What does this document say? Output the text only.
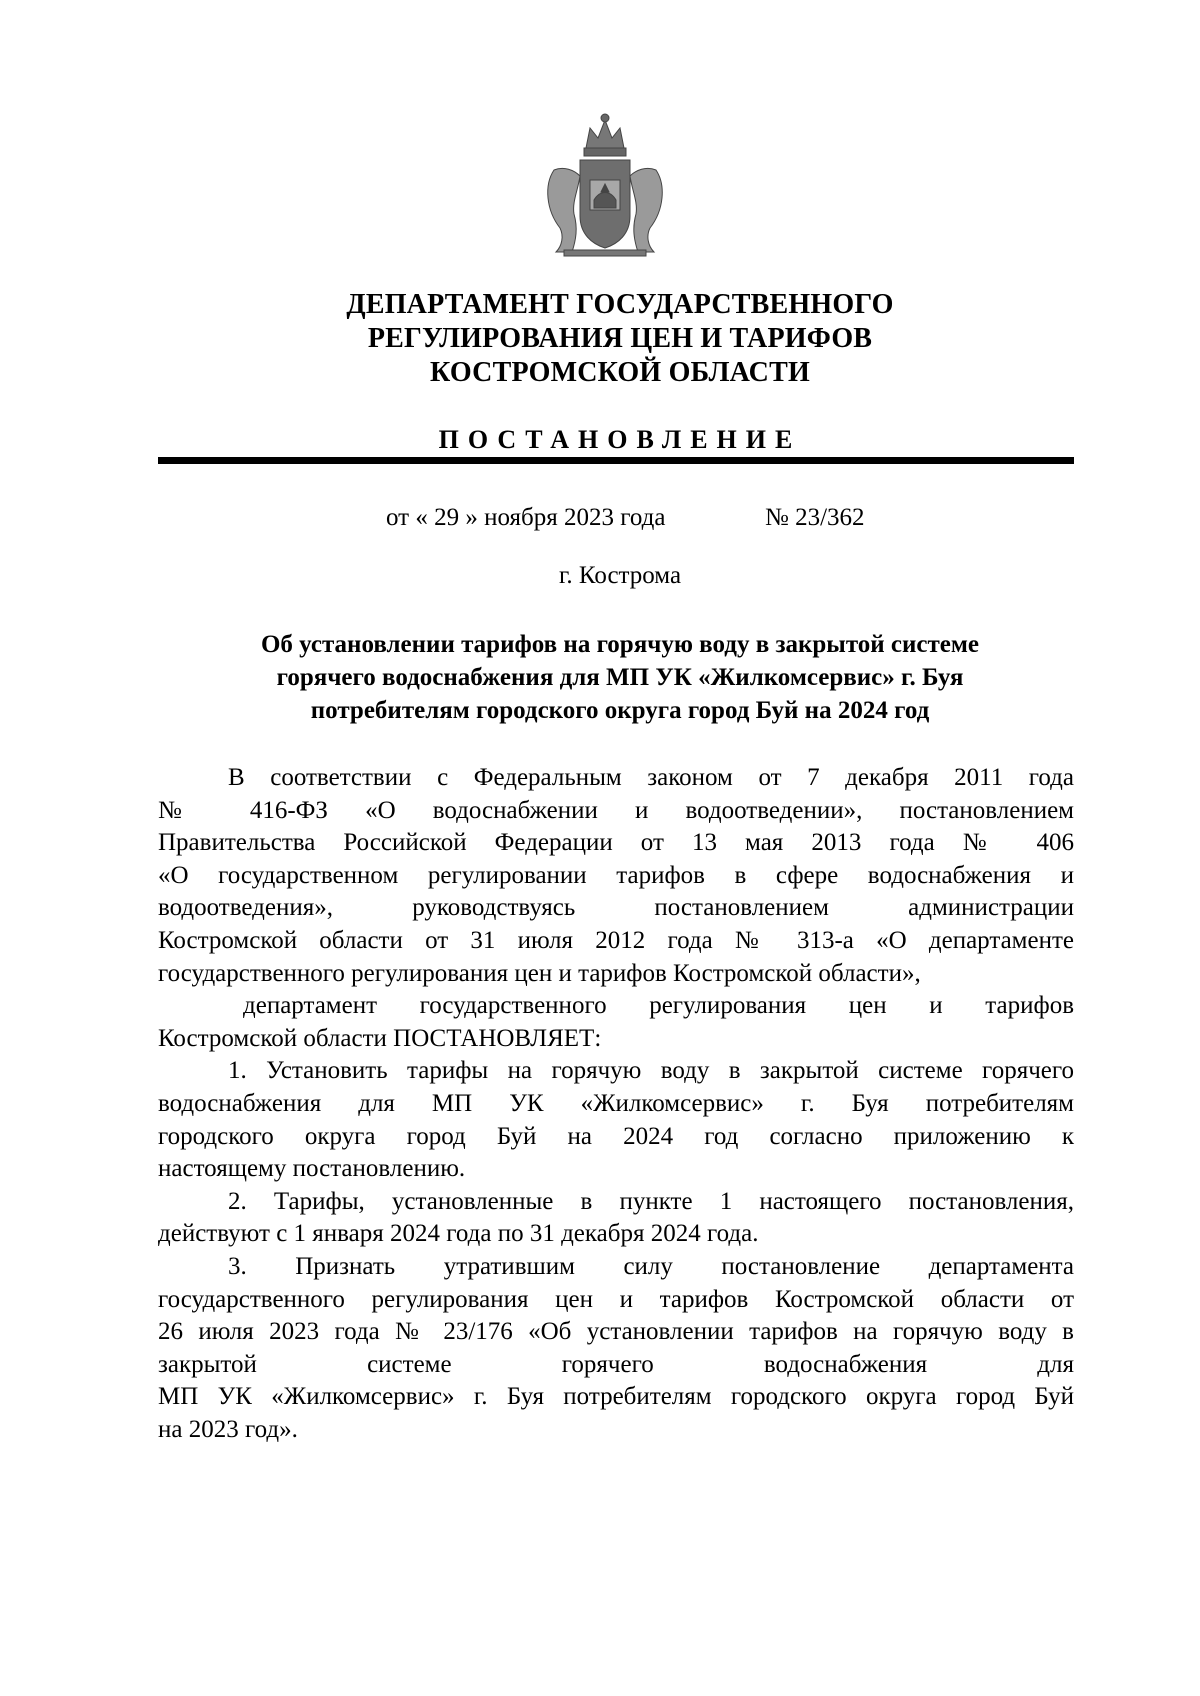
ДЕПАРТАМЕНТ ГОСУДАРСТВЕННОГО
РЕГУЛИРОВАНИЯ ЦЕН И ТАРИФОВ
КОСТРОМСКОЙ ОБЛАСТИ
ПОСТАНОВЛЕНИЕ
от « 29 » ноября 2023 года	№ 23/362
г. Кострома
Об установлении тарифов на горячую воду в закрытой системе
горячего водоснабжения для МП УК «Жилкомсервис» г. Буя
потребителям городского округа город Буй на 2024 год
В соответствии с Федеральным законом от 7 декабря 2011 года
№ 416-ФЗ «О водоснабжении и водоотведении», постановлением
Правительства Российской Федерации от 13 мая 2013 года № 406
«О государственном регулировании тарифов в сфере водоснабжения и
водоотведения», руководствуясь постановлением администрации
Костромской области от 31 июля 2012 года № 313-а «О департаменте
государственного регулирования цен и тарифов Костромской области»,
департамент государственного регулирования цен и тарифов
Костромской области ПОСТАНОВЛЯЕТ:
1. Установить тарифы на горячую воду в закрытой системе горячего
водоснабжения для МП УК «Жилкомсервис» г. Буя потребителям
городского округа город Буй на 2024 год согласно приложению к
настоящему постановлению.
2. Тарифы, установленные в пункте 1 настоящего постановления,
действуют с 1 января 2024 года по 31 декабря 2024 года.
3. Признать утратившим силу постановление департамента
государственного регулирования цен и тарифов Костромской области от
26 июля 2023 года № 23/176 «Об установлении тарифов на горячую воду в
закрытой системе горячего водоснабжения для
МП УК «Жилкомсервис» г. Буя потребителям городского округа город Буй
на 2023 год».
